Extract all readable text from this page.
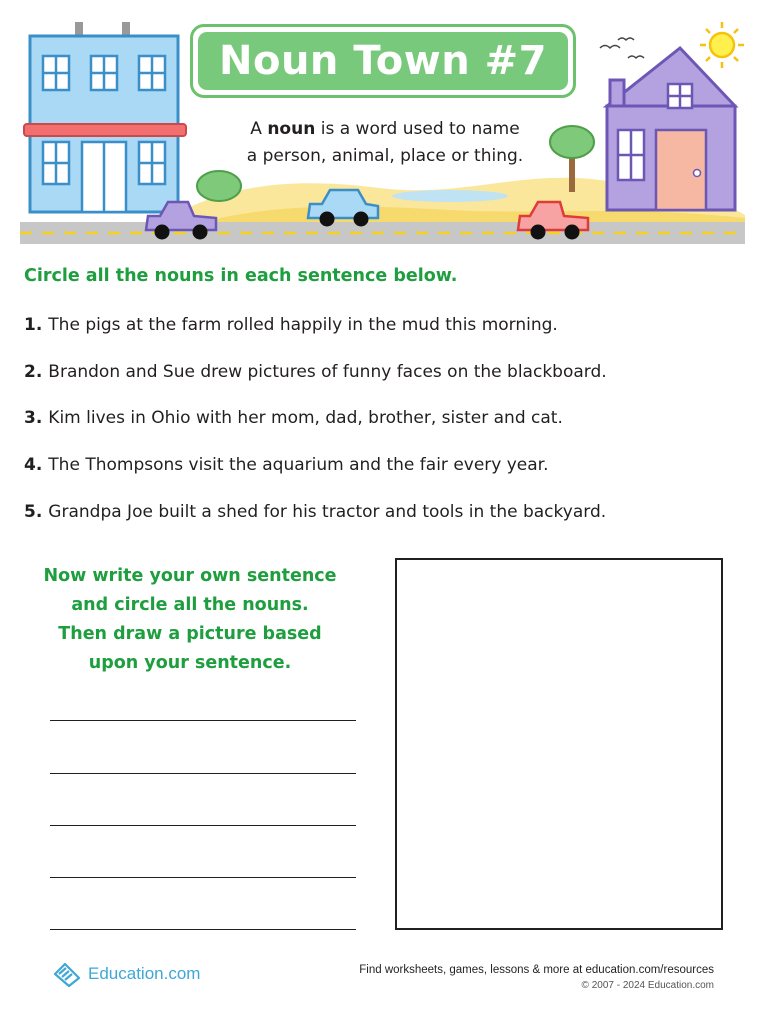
Noun Town #7
A noun is a word used to name
a person, animal, place or thing.
Circle all the nouns in each sentence below.
1. The pigs at the farm rolled happily in the mud this morning.
2. Brandon and Sue drew pictures of funny faces on the blackboard.
3. Kim lives in Ohio with her mom, dad, brother, sister and cat.
4. The Thompsons visit the aquarium and the fair every year.
5. Grandpa Joe built a shed for his tractor and tools in the backyard.
Now write your own sentence
and circle all the nouns.
Then draw a picture based
upon your sentence.
Education.com	Find worksheets, games, lessons & more at education.com/resources
© 2007 - 2024 Education.com
